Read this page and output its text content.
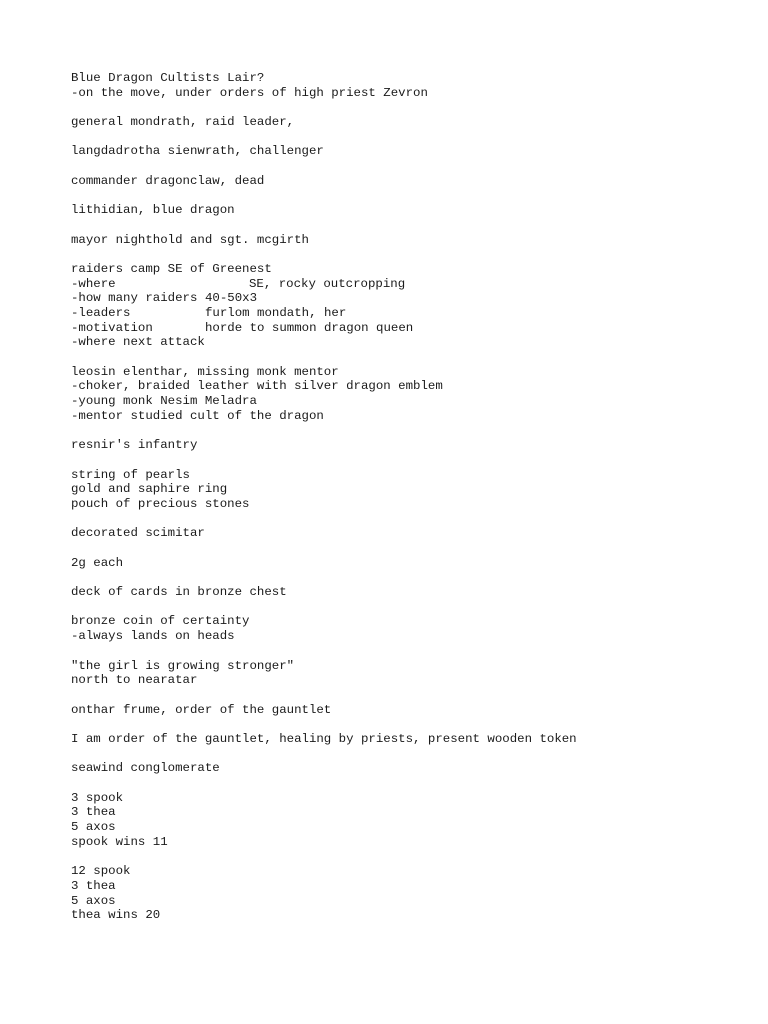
Blue Dragon Cultists Lair?
-on the move, under orders of high priest Zevron
general mondrath, raid leader,
langdadrotha sienwrath, challenger
commander dragonclaw, dead
lithidian, blue dragon
mayor nighthold and sgt. mcgirth
raiders camp SE of Greenest
-where	SE, rocky outcropping
-how many raiders 40-50x3
-leaders	furlom mondath, her
-motivation	horde to summon dragon queen
-where next attack
leosin elenthar, missing monk mentor
-choker, braided leather with silver dragon emblem
-young monk Nesim Meladra
-mentor studied cult of the dragon
resnir's infantry
string of pearls
gold and saphire ring
pouch of precious stones
decorated scimitar
2g each
deck of cards in bronze chest
bronze coin of certainty
-always lands on heads
"the girl is growing stronger"
north to nearatar
onthar frume, order of the gauntlet
I am order of the gauntlet, healing by priests, present wooden token
seawind conglomerate
3 spook
3 thea
5 axos
spook wins 11
12 spook
3 thea
5 axos
thea wins 20
